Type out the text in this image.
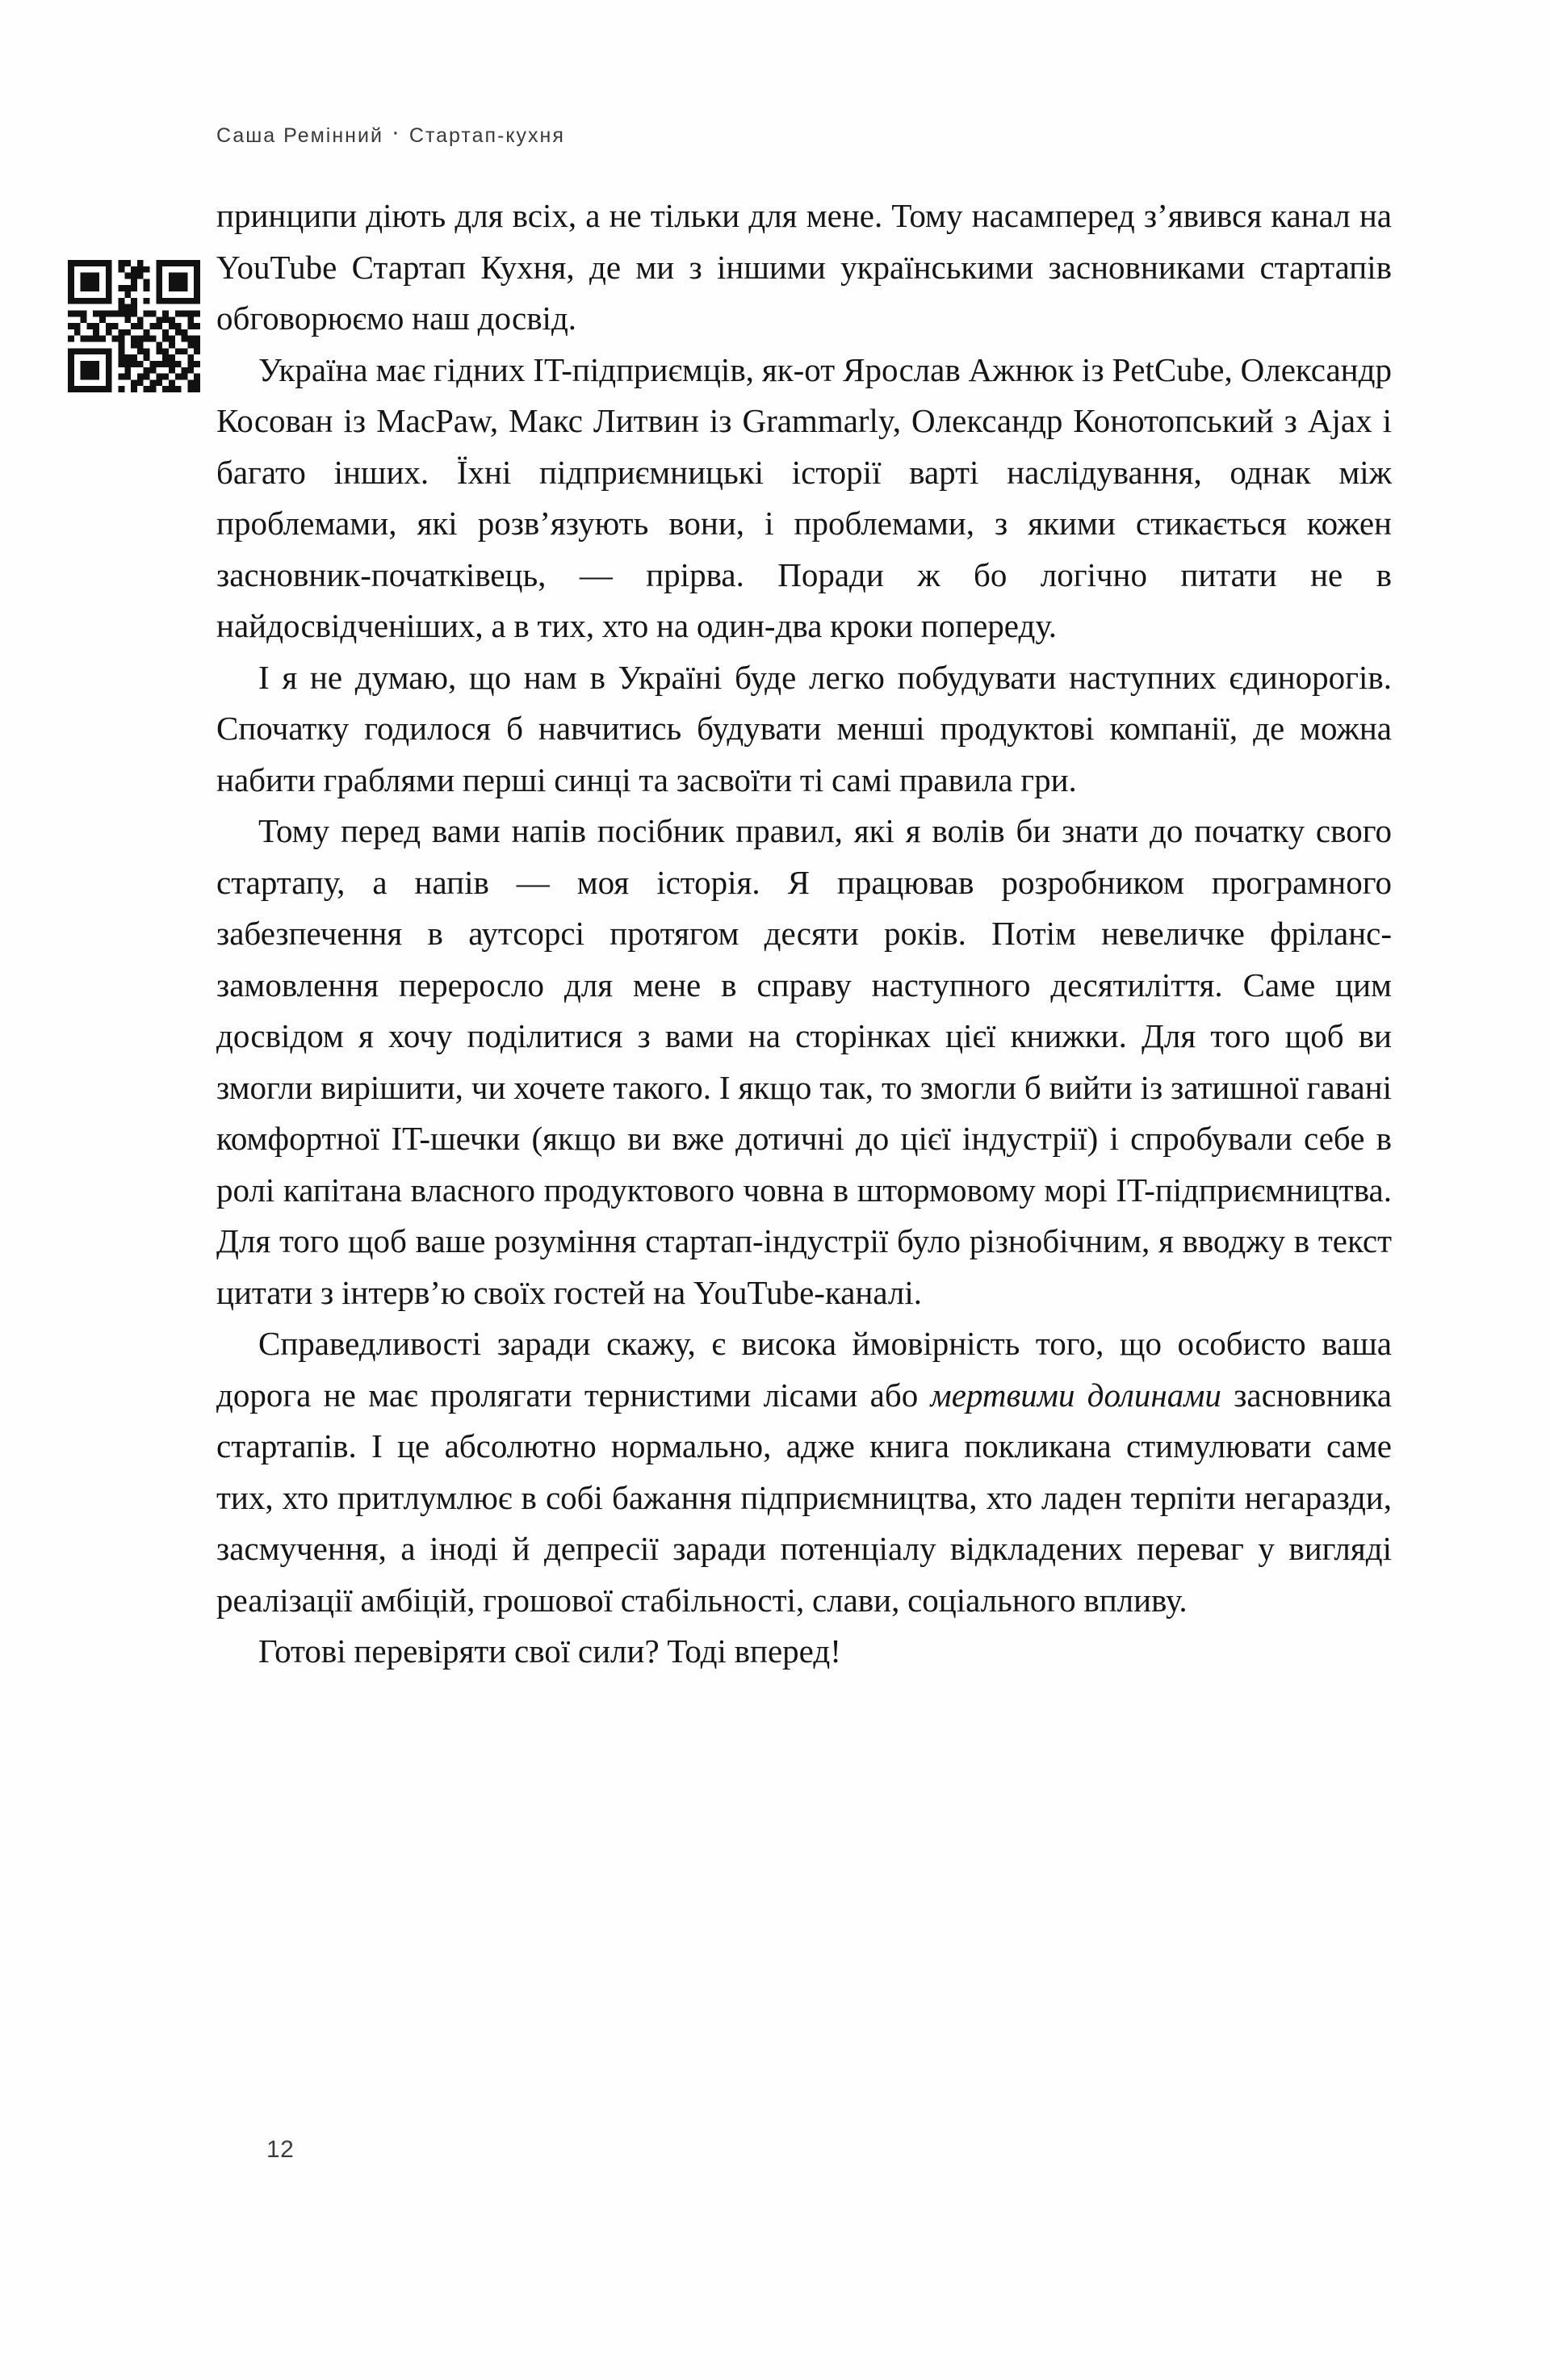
Саша Ремінний · Стартап-кухня

принципи діють для всіх, а не тільки для мене. Тому насамперед з’явився канал на YouTube Стартап Кухня, де ми з іншими українськими засновниками стартапів обговорюємо наш досвід.

Україна має гідних IT-підприємців, як-от Ярослав Ажнюк із PetCube, Олександр Косован із MacPaw, Макс Литвин із Grammarly, Олександр Конотопський з Ajax і багато інших. Їхні підприємницькі історії варті наслідування, однак між проблемами, які розв’язують вони, і проблемами, з якими стикається кожен засновник-початківець, — прірва. Поради ж бо логічно питати не в найдосвідченіших, а в тих, хто на один-два кроки попереду.

І я не думаю, що нам в Україні буде легко побудувати наступних єдинорогів. Спочатку годилося б навчитись будувати менші продуктові компанії, де можна набити граблями перші синці та засвоїти ті самі правила гри.

Тому перед вами напів посібник правил, які я волів би знати до початку свого стартапу, а напів — моя історія. Я працював розробником програмного забезпечення в аутсорсі протягом десяти років. Потім невеличке фріланс-замовлення переросло для мене в справу наступного десятиліття. Саме цим досвідом я хочу поділитися з вами на сторінках цієї книжки. Для того щоб ви змогли вирішити, чи хочете такого. І якщо так, то змогли б вийти із затишної гавані комфортної IT-шечки (якщо ви вже дотичні до цієї індустрії) і спробували себе в ролі капітана власного продуктового човна в штормовому морі IT-підприємництва. Для того щоб ваше розуміння стартап-індустрії було різнобічним, я вводжу в текст цитати з інтерв’ю своїх гостей на YouTube-каналі.

Справедливості заради скажу, є висока ймовірність того, що особисто ваша дорога не має пролягати тернистими лісами або мертвими долинами засновника стартапів. І це абсолютно нормально, адже книга покликана стимулювати саме тих, хто притлумлює в собі бажання підприємництва, хто ладен терпіти негаразди, засмучення, а іноді й депресії заради потенціалу відкладених переваг у вигляді реалізації амбіцій, грошової стабільності, слави, соціального впливу.

Готові перевіряти свої сили? Тоді вперед!

12
